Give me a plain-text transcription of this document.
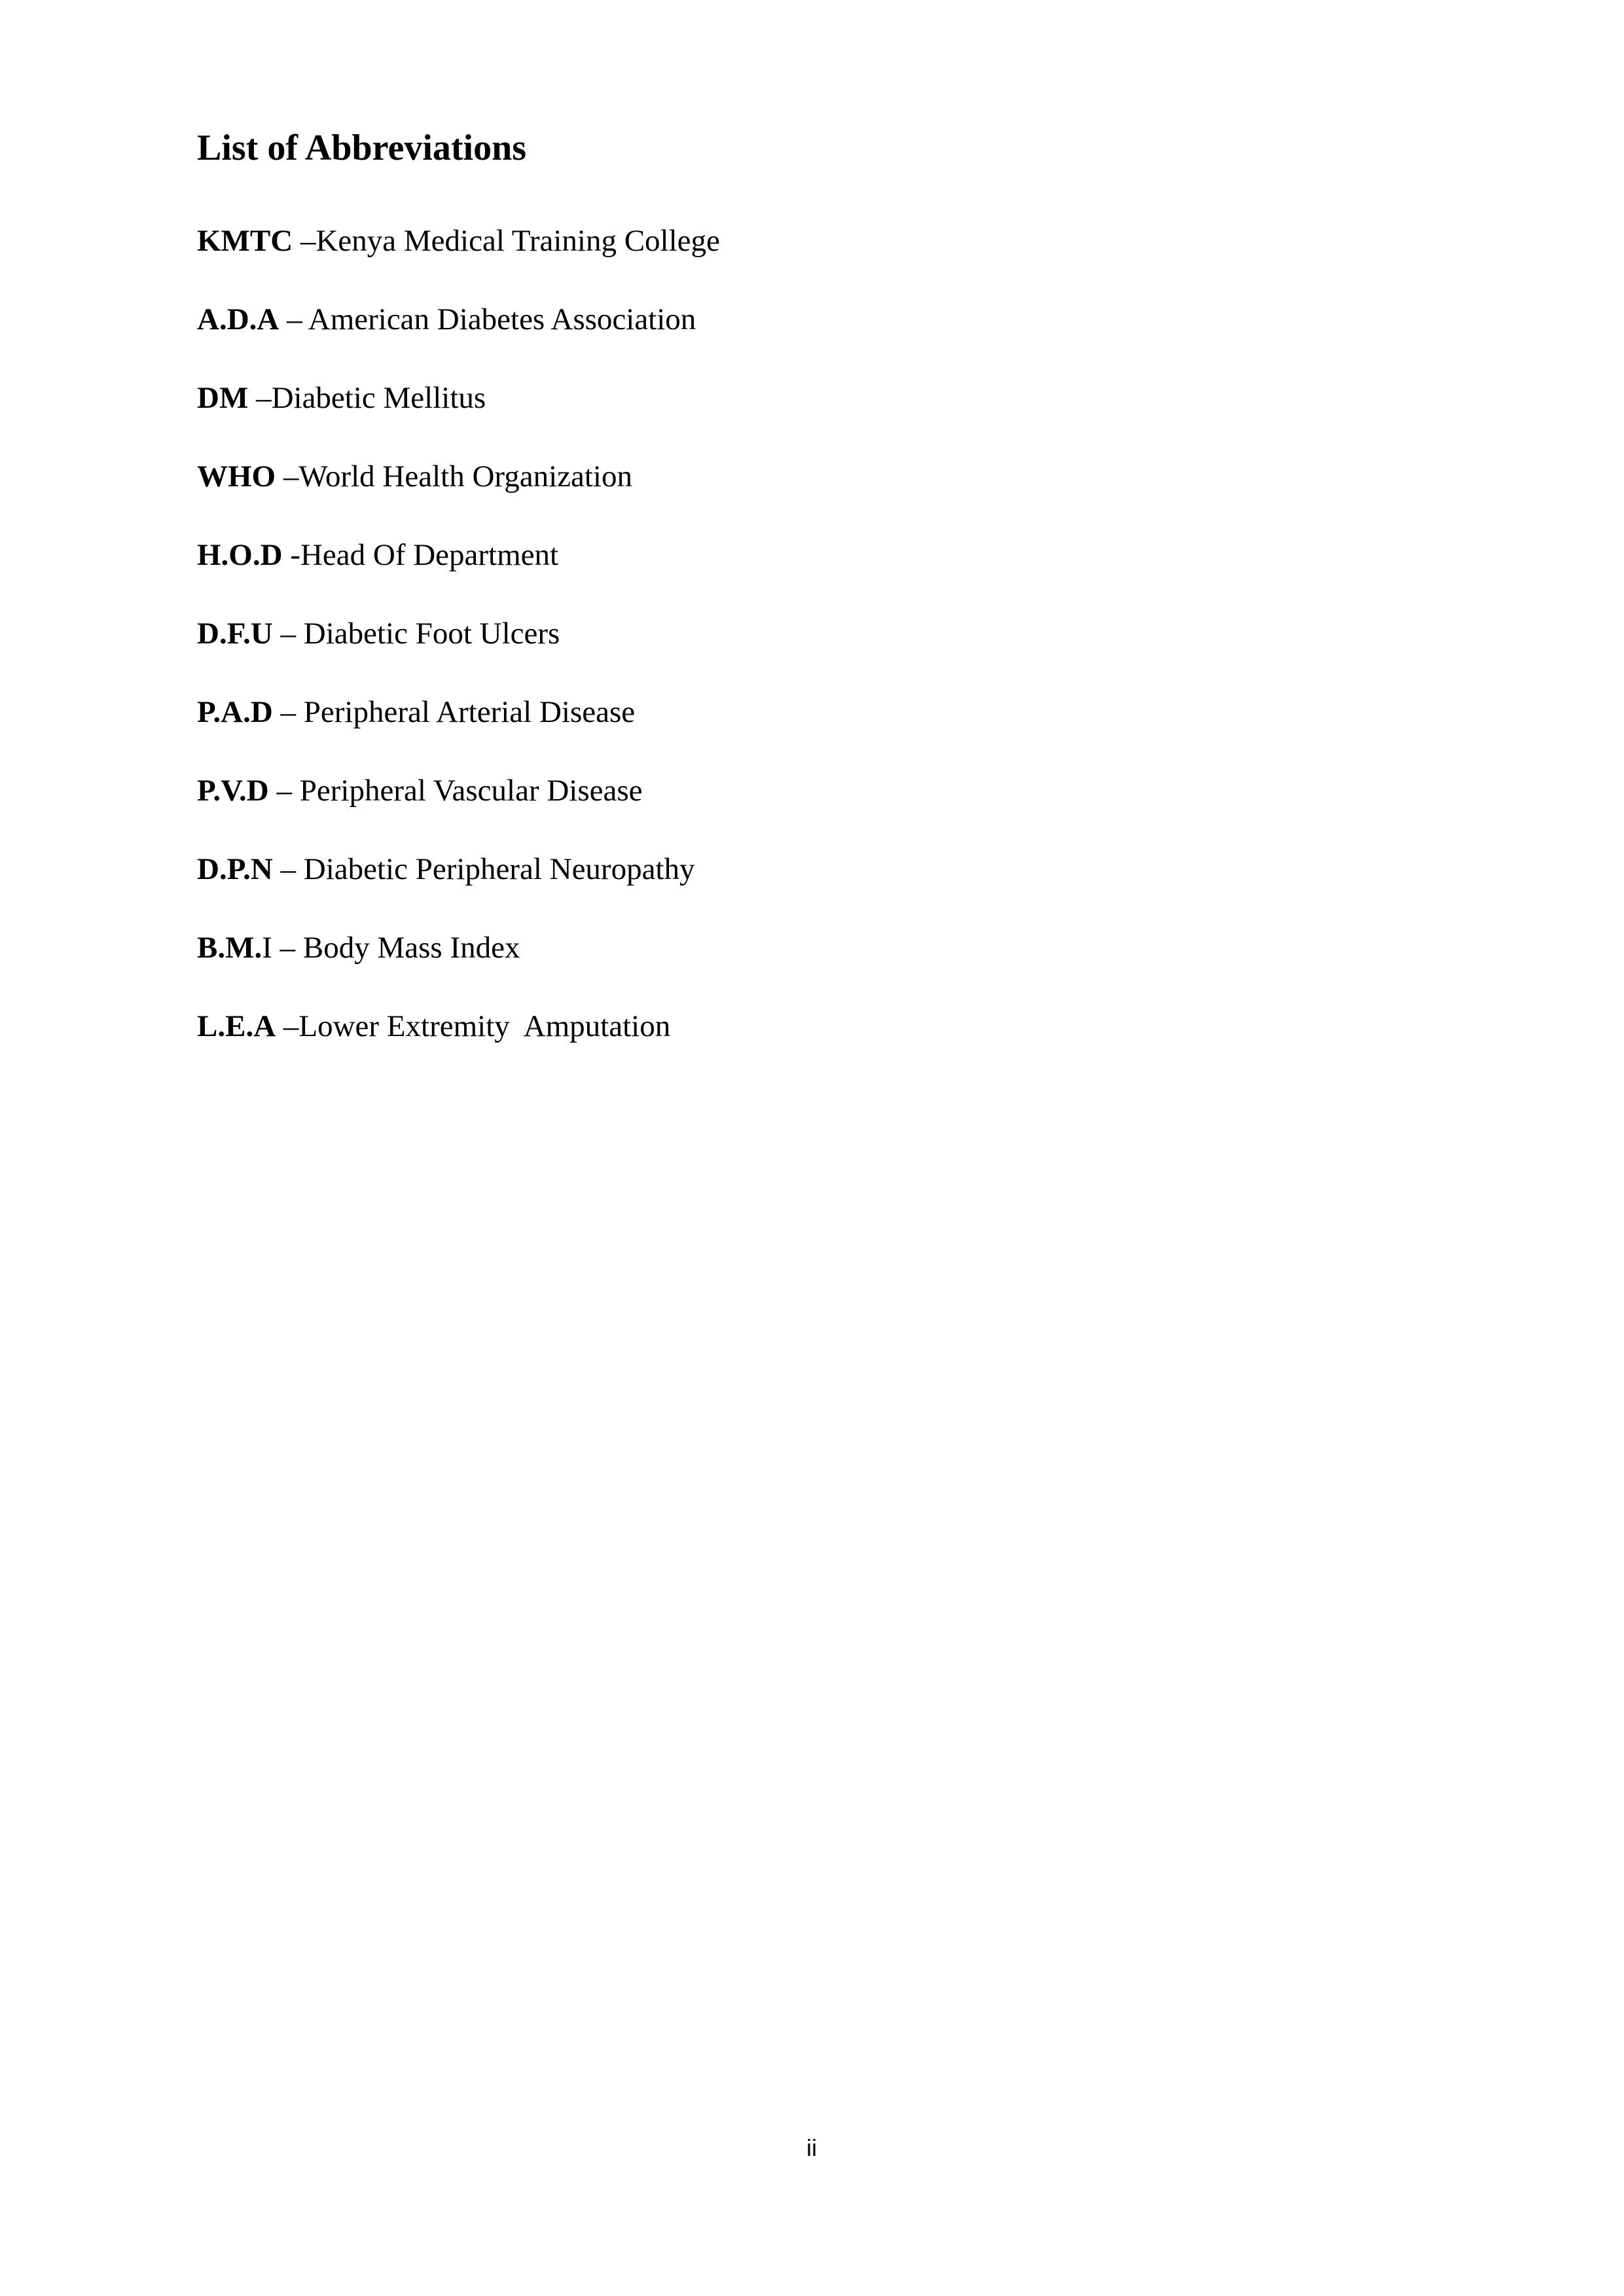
List of Abbreviations
KMTC –Kenya Medical Training College
A.D.A – American Diabetes Association
DM –Diabetic Mellitus
WHO –World Health Organization
H.O.D -Head Of Department
D.F.U – Diabetic Foot Ulcers
P.A.D – Peripheral Arterial Disease
P.V.D – Peripheral Vascular Disease
D.P.N – Diabetic Peripheral Neuropathy
B.M.I – Body Mass Index
L.E.A –Lower Extremity  Amputation
ii
